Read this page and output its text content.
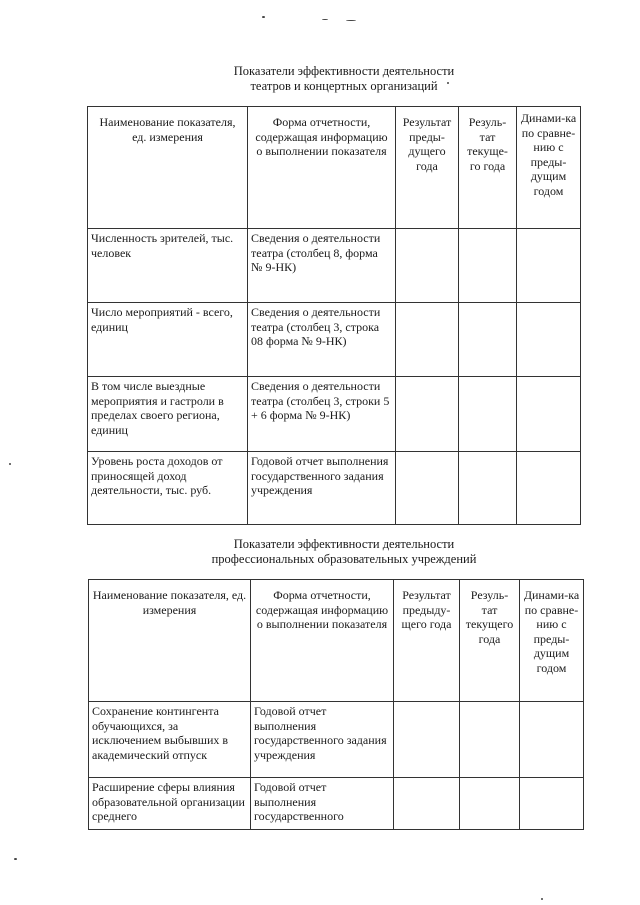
Показатели эффективности деятельности
театров и концертных организаций
Наименование показателя, ед. измерения	Форма отчетности, содержащая информацию о выполнении показателя	Результат преды-дущего года	Резуль-тат текуще-го года	Динами-ка по сравне-нию с преды-дущим годом
Численность зрителей, тыс. человек	Сведения о деятельности театра (столбец 8, форма № 9-НК)			
Число мероприятий - всего, единиц	Сведения о деятельности театра (столбец 3, строка 08 форма № 9-НК)			
В том числе выездные мероприятия и гастроли в пределах своего региона, единиц	Сведения о деятельности театра (столбец 3, строки 5 + 6 форма № 9-НК)			
Уровень роста доходов от приносящей доход деятельности, тыс. руб.	Годовой отчет выполнения государственного задания учреждения			
Показатели эффективности деятельности
профессиональных образовательных учреждений
Наименование показателя, ед. измерения	Форма отчетности, содержащая информацию о выполнении показателя	Результат предыду-щего года	Резуль-тат текущего года	Динами-ка по сравне-нию с преды-дущим годом
Сохранение контингента обучающихся, за исключением выбывших в академический отпуск	Годовой отчет выполнения государственного задания учреждения			
Расширение сферы влияния образовательной организации среднего	Годовой отчет выполнения государственного			
